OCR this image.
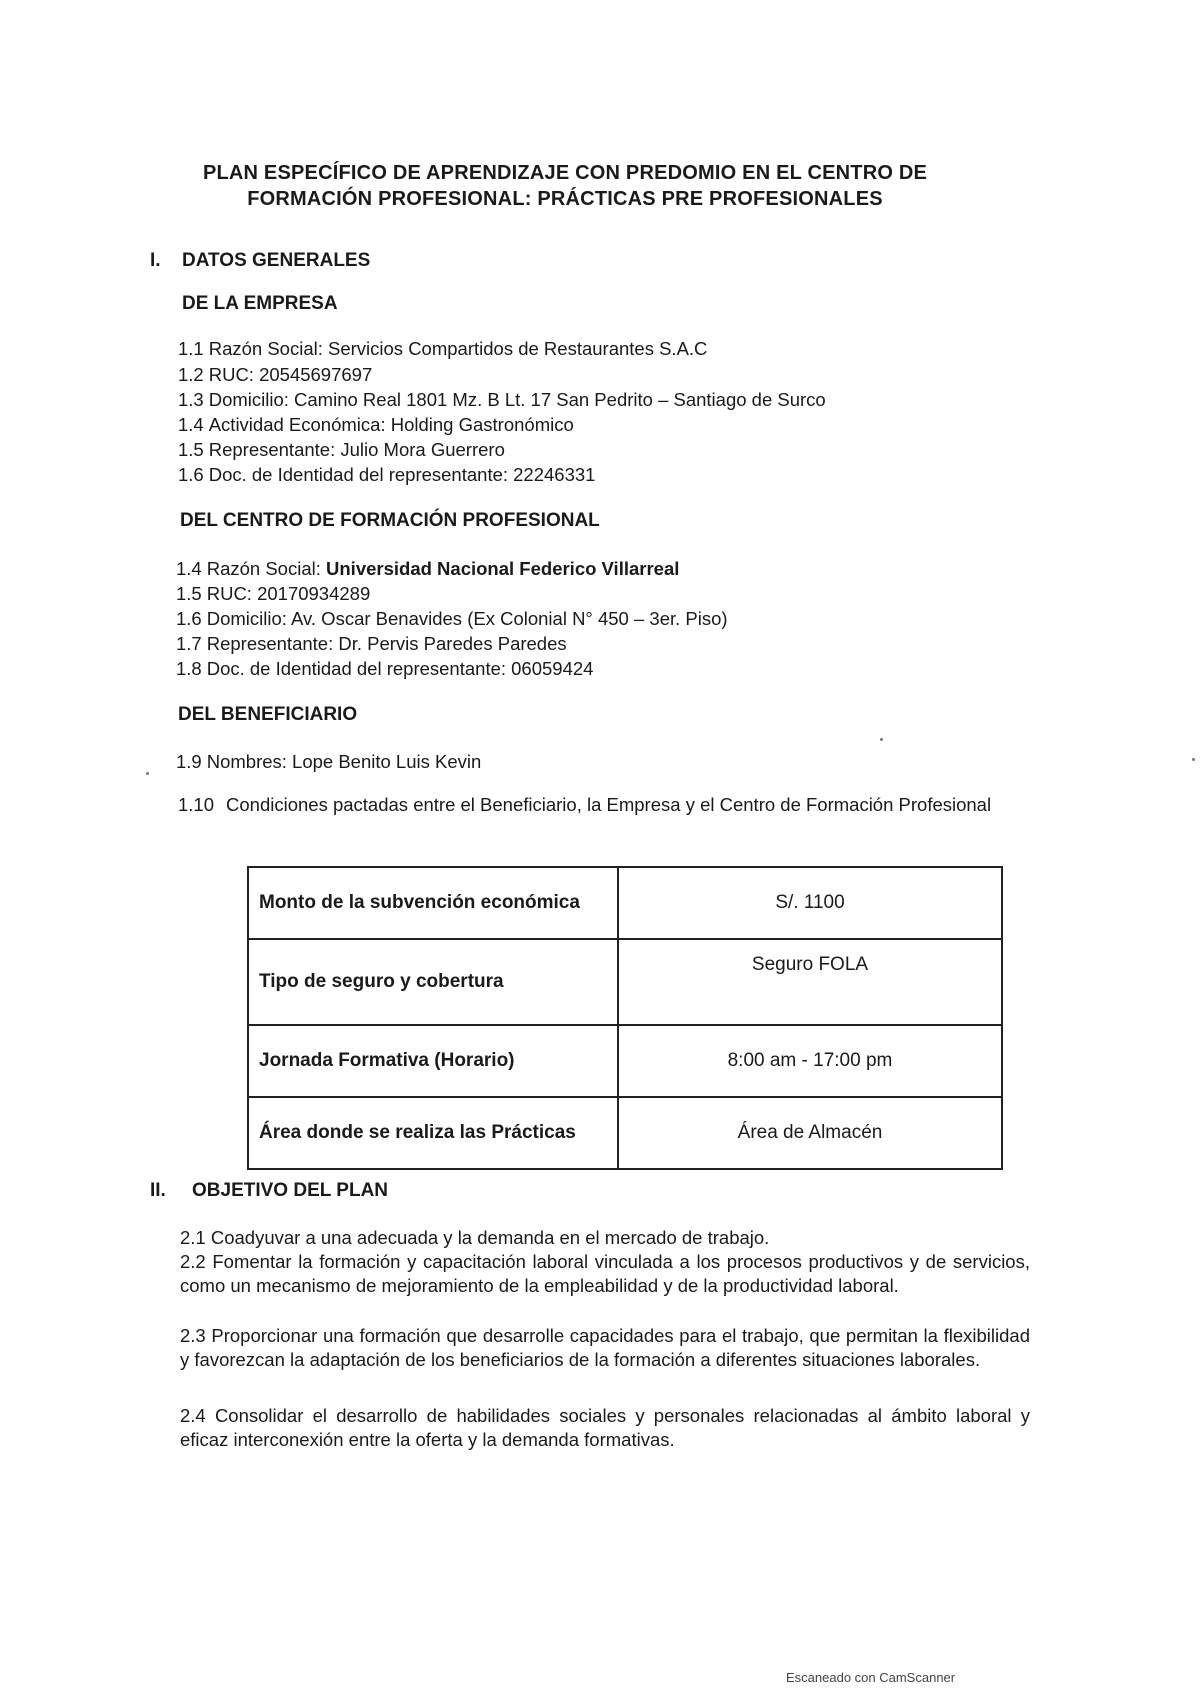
PLAN ESPECÍFICO DE APRENDIZAJE CON PREDOMIO EN EL CENTRO DE
FORMACIÓN PROFESIONAL: PRÁCTICAS PRE PROFESIONALES
I. DATOS GENERALES
DE LA EMPRESA
1.1 Razón Social: Servicios Compartidos de Restaurantes S.A.C
1.2 RUC: 20545697697
1.3 Domicilio: Camino Real 1801 Mz. B Lt. 17 San Pedrito – Santiago de Surco
1.4 Actividad Económica: Holding Gastronómico
1.5 Representante: Julio Mora Guerrero
1.6 Doc. de Identidad del representante: 22246331
DEL CENTRO DE FORMACIÓN PROFESIONAL
1.4 Razón Social: Universidad Nacional Federico Villarreal
1.5 RUC: 20170934289
1.6 Domicilio: Av. Oscar Benavides (Ex Colonial N° 450 – 3er. Piso)
1.7 Representante: Dr. Pervis Paredes Paredes
1.8 Doc. de Identidad del representante: 06059424
DEL BENEFICIARIO
1.9 Nombres: Lope Benito Luis Kevin
1.10 Condiciones pactadas entre el Beneficiario, la Empresa y el Centro de Formación Profesional
Monto de la subvención económica	S/. 1100
Tipo de seguro y cobertura	Seguro FOLA
Jornada Formativa (Horario)	8:00 am - 17:00 pm
Área donde se realiza las Prácticas	Área de Almacén
II. OBJETIVO DEL PLAN
2.1 Coadyuvar a una adecuada y la demanda en el mercado de trabajo.
2.2 Fomentar la formación y capacitación laboral vinculada a los procesos productivos y de servicios, como un mecanismo de mejoramiento de la empleabilidad y de la productividad laboral.
2.3 Proporcionar una formación que desarrolle capacidades para el trabajo, que permitan la flexibilidad y favorezcan la adaptación de los beneficiarios de la formación a diferentes situaciones laborales.
2.4 Consolidar el desarrollo de habilidades sociales y personales relacionadas al ámbito laboral y eficaz interconexión entre la oferta y la demanda formativas.
Escaneado con CamScanner
